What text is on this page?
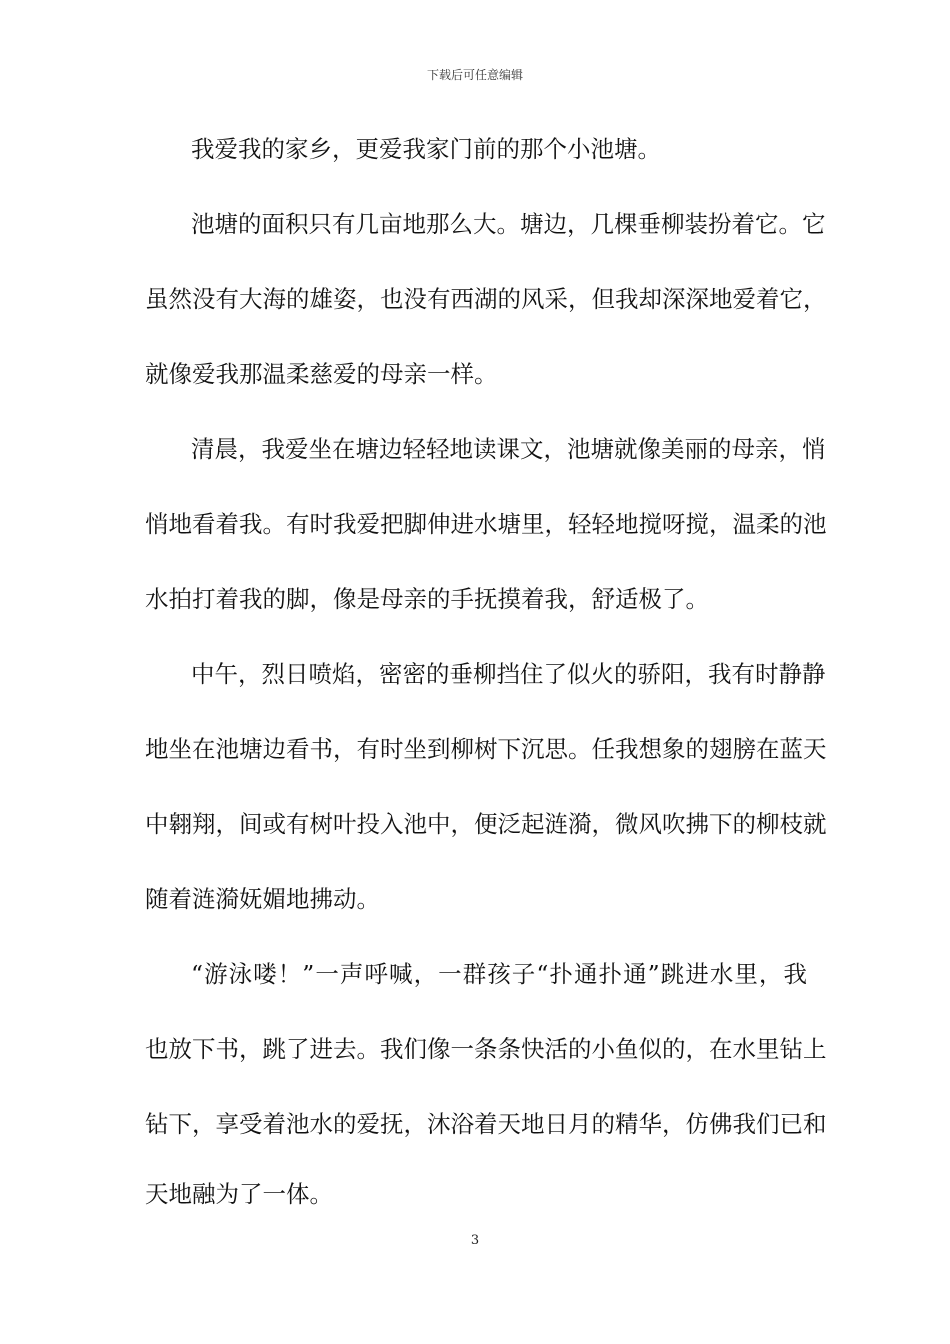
下载后可任意编辑
我爱我的家乡，更爱我家门前的那个小池塘。
池塘的面积只有几亩地那么大。塘边，几棵垂柳装扮着它。它
虽然没有大海的雄姿，也没有西湖的风采，但我却深深地爱着它，
就像爱我那温柔慈爱的母亲一样。
清晨，我爱坐在塘边轻轻地读课文，池塘就像美丽的母亲，悄
悄地看着我。有时我爱把脚伸进水塘里，轻轻地搅呀搅，温柔的池
水拍打着我的脚，像是母亲的手抚摸着我，舒适极了。
中午，烈日喷焰，密密的垂柳挡住了似火的骄阳，我有时静静
地坐在池塘边看书，有时坐到柳树下沉思。任我想象的翅膀在蓝天
中翱翔，间或有树叶投入池中，便泛起涟漪，微风吹拂下的柳枝就
随着涟漪妩媚地拂动。
“游泳喽！”一声呼喊，一群孩子“扑通扑通”跳进水里，我
也放下书，跳了进去。我们像一条条快活的小鱼似的，在水里钻上
钻下，享受着池水的爱抚，沐浴着天地日月的精华，仿佛我们已和
天地融为了一体。
3
